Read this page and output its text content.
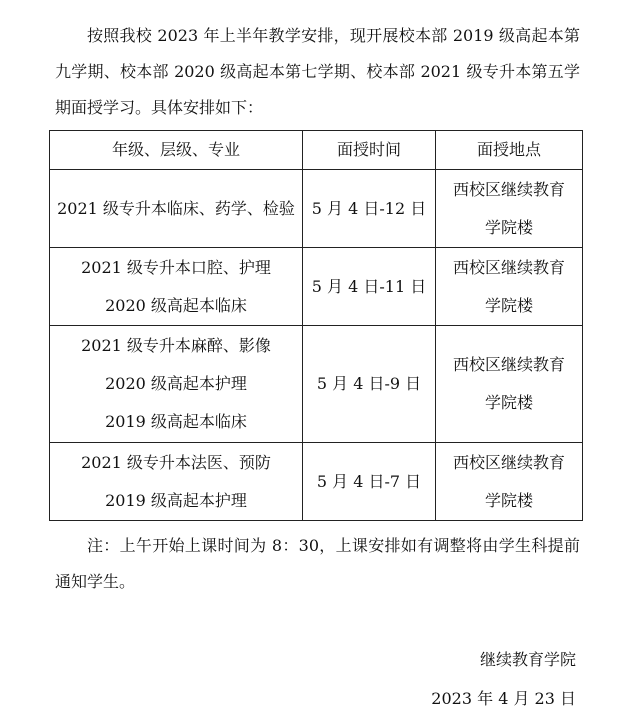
按照我校 2023 年上半年教学安排，现开展校本部 2019 级高起本第九学期、校本部 2020 级高起本第七学期、校本部 2021 级专升本第五学期面授学习。具体安排如下：

年级、层级、专业	面授时间	面授地点

2021 级专升本临床、药学、检验	5 月 4 日-12 日	西校区继续教育
学院楼

2021 级专升本口腔、护理
2020 级高起本临床	5 月 4 日-11 日	西校区继续教育
学院楼

2021 级专升本麻醉、影像
2020 级高起本护理
2019 级高起本临床	5 月 4 日-9 日	西校区继续教育
学院楼

2021 级专升本法医、预防
2019 级高起本护理	5 月 4 日-7 日	西校区继续教育
学院楼

注：上午开始上课时间为 8：30，上课安排如有调整将由学生科提前通知学生。

继续教育学院

2023 年 4 月 23 日
